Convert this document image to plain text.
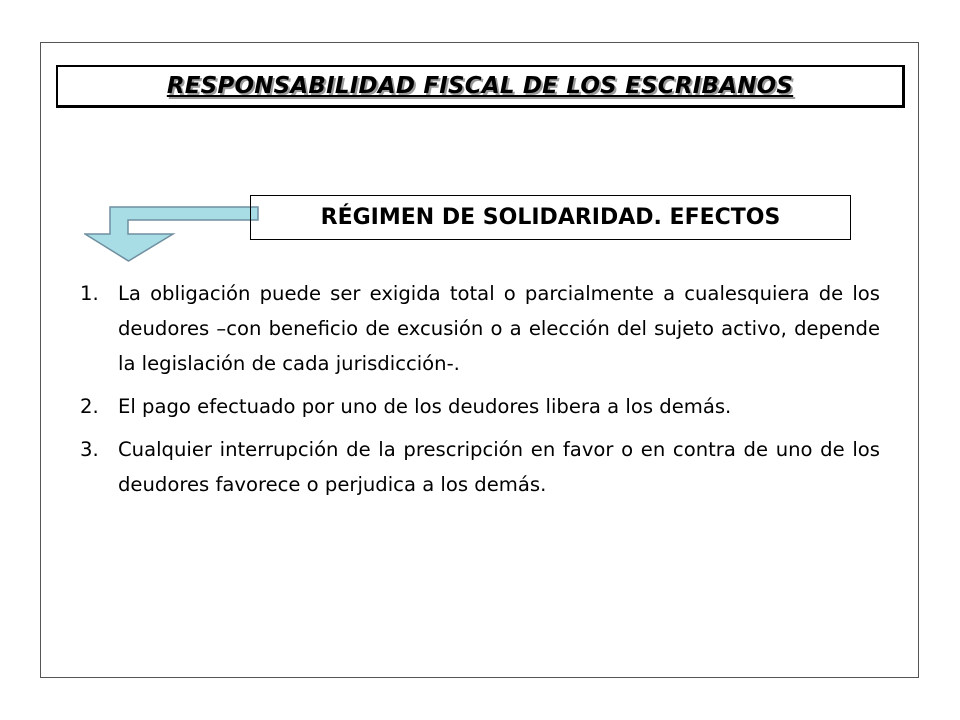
RESPONSABILIDAD FISCAL DE LOS ESCRIBANOS
RÉGIMEN DE SOLIDARIDAD. EFECTOS
1. La obligación puede ser exigida total o parcialmente a cualesquiera de los deudores –con beneficio de excusión o a elección del sujeto activo, depende la legislación de cada jurisdicción-.
2. El pago efectuado por uno de los deudores libera a los demás.
3. Cualquier interrupción de la prescripción en favor o en contra de uno de los deudores favorece o perjudica a los demás.
